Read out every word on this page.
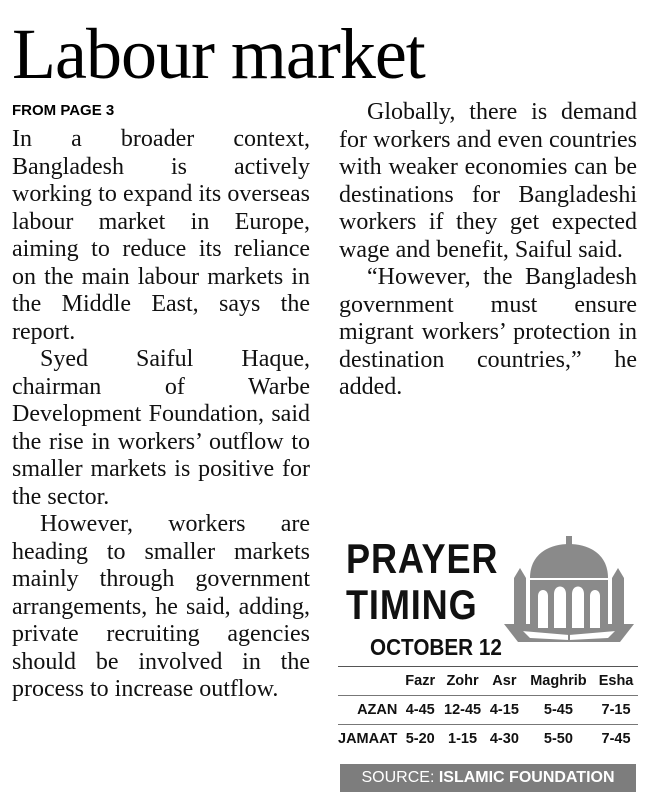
Labour market
FROM PAGE 3

In a broader context, Bangladesh is actively working to expand its overseas labour market in Europe, aiming to reduce its reliance on the main labour markets in the Middle East, says the report.

Syed Saiful Haque, chairman of Warbe Development Foundation, said the rise in workers’ outflow to smaller markets is positive for the sector.

However, workers are heading to smaller markets mainly through government arrangements, he said, adding, private recruiting agencies should be involved in the process to increase outflow.

Globally, there is demand for workers and even countries with weaker economies can be destinations for Bangladeshi workers if they get expected wage and benefit, Saiful said.

“However, the Bangladesh government must ensure migrant workers’ protection in destination countries,” he added.

PRAYER
TIMING
OCTOBER 12
	Fazr	Zohr	Asr	Maghrib	Esha
AZAN	4-45	12-45	4-15	5-45	7-15
JAMAAT	5-20	1-15	4-30	5-50	7-45
SOURCE: ISLAMIC FOUNDATION
